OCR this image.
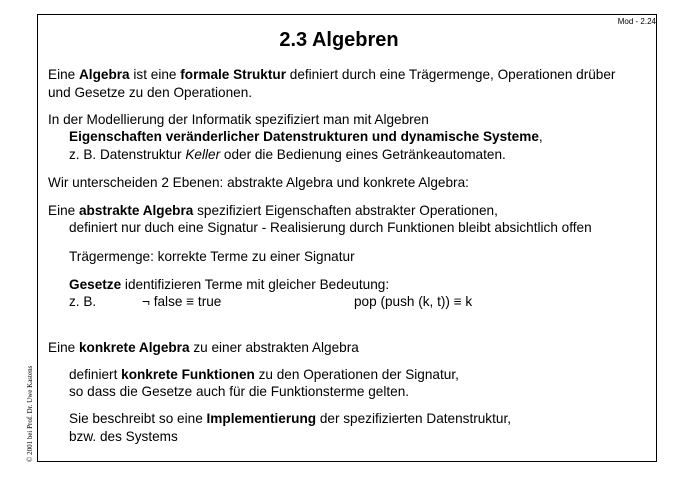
Mod - 2.24
2.3 Algebren
Eine Algebra ist eine formale Struktur definiert durch eine Trägermenge, Operationen drüber
und Gesetze zu den Operationen.
In der Modellierung der Informatik spezifiziert man mit Algebren
Eigenschaften veränderlicher Datenstrukturen und dynamische Systeme,
z. B. Datenstruktur Keller oder die Bedienung eines Getränkeautomaten.
Wir unterscheiden 2 Ebenen: abstrakte Algebra und konkrete Algebra:
Eine abstrakte Algebra spezifiziert Eigenschaften abstrakter Operationen,
definiert nur duch eine Signatur - Realisierung durch Funktionen bleibt absichtlich offen
Trägermenge: korrekte Terme zu einer Signatur
Gesetze identifizieren Terme mit gleicher Bedeutung:
z. B.	¬ false ≡ true	pop (push (k, t)) ≡ k
Eine konkrete Algebra zu einer abstrakten Algebra
definiert konkrete Funktionen zu den Operationen der Signatur,
so dass die Gesetze auch für die Funktionsterme gelten.
Sie beschreibt so eine Implementierung der spezifizierten Datenstruktur,
bzw. des Systems
© 2001 bei Prof. Dr. Uwe Kastens
